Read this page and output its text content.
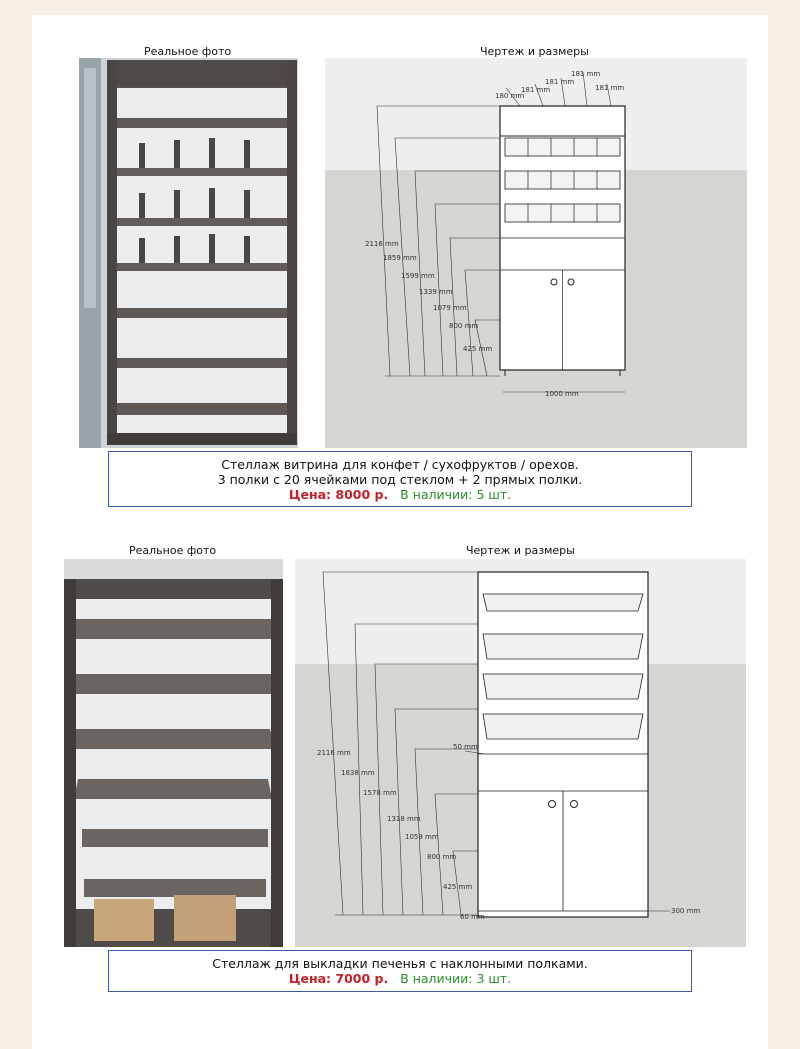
Реальное фото	Чертеж и размеры
2116 mm
1859 mm
1599 mm
1339 mm
1079 mm
800 mm
425 mm
1000 mm
180 mm
181 mm
181 mm
181 mm
181 mm
Стеллаж витрина для конфет / сухофруктов / орехов.
3 полки с 20 ячейками под стеклом + 2 прямых полки.
Цена: 8000 р. В наличии: 5 шт.
Реальное фото	Чертеж и размеры
2116 mm
1838 mm
1578 mm
1318 mm
1059 mm
800 mm
425 mm
60 mm
50 mm
300 mm
Стеллаж для выкладки печенья с наклонными полками.
Цена: 7000 р. В наличии: 3 шт.
